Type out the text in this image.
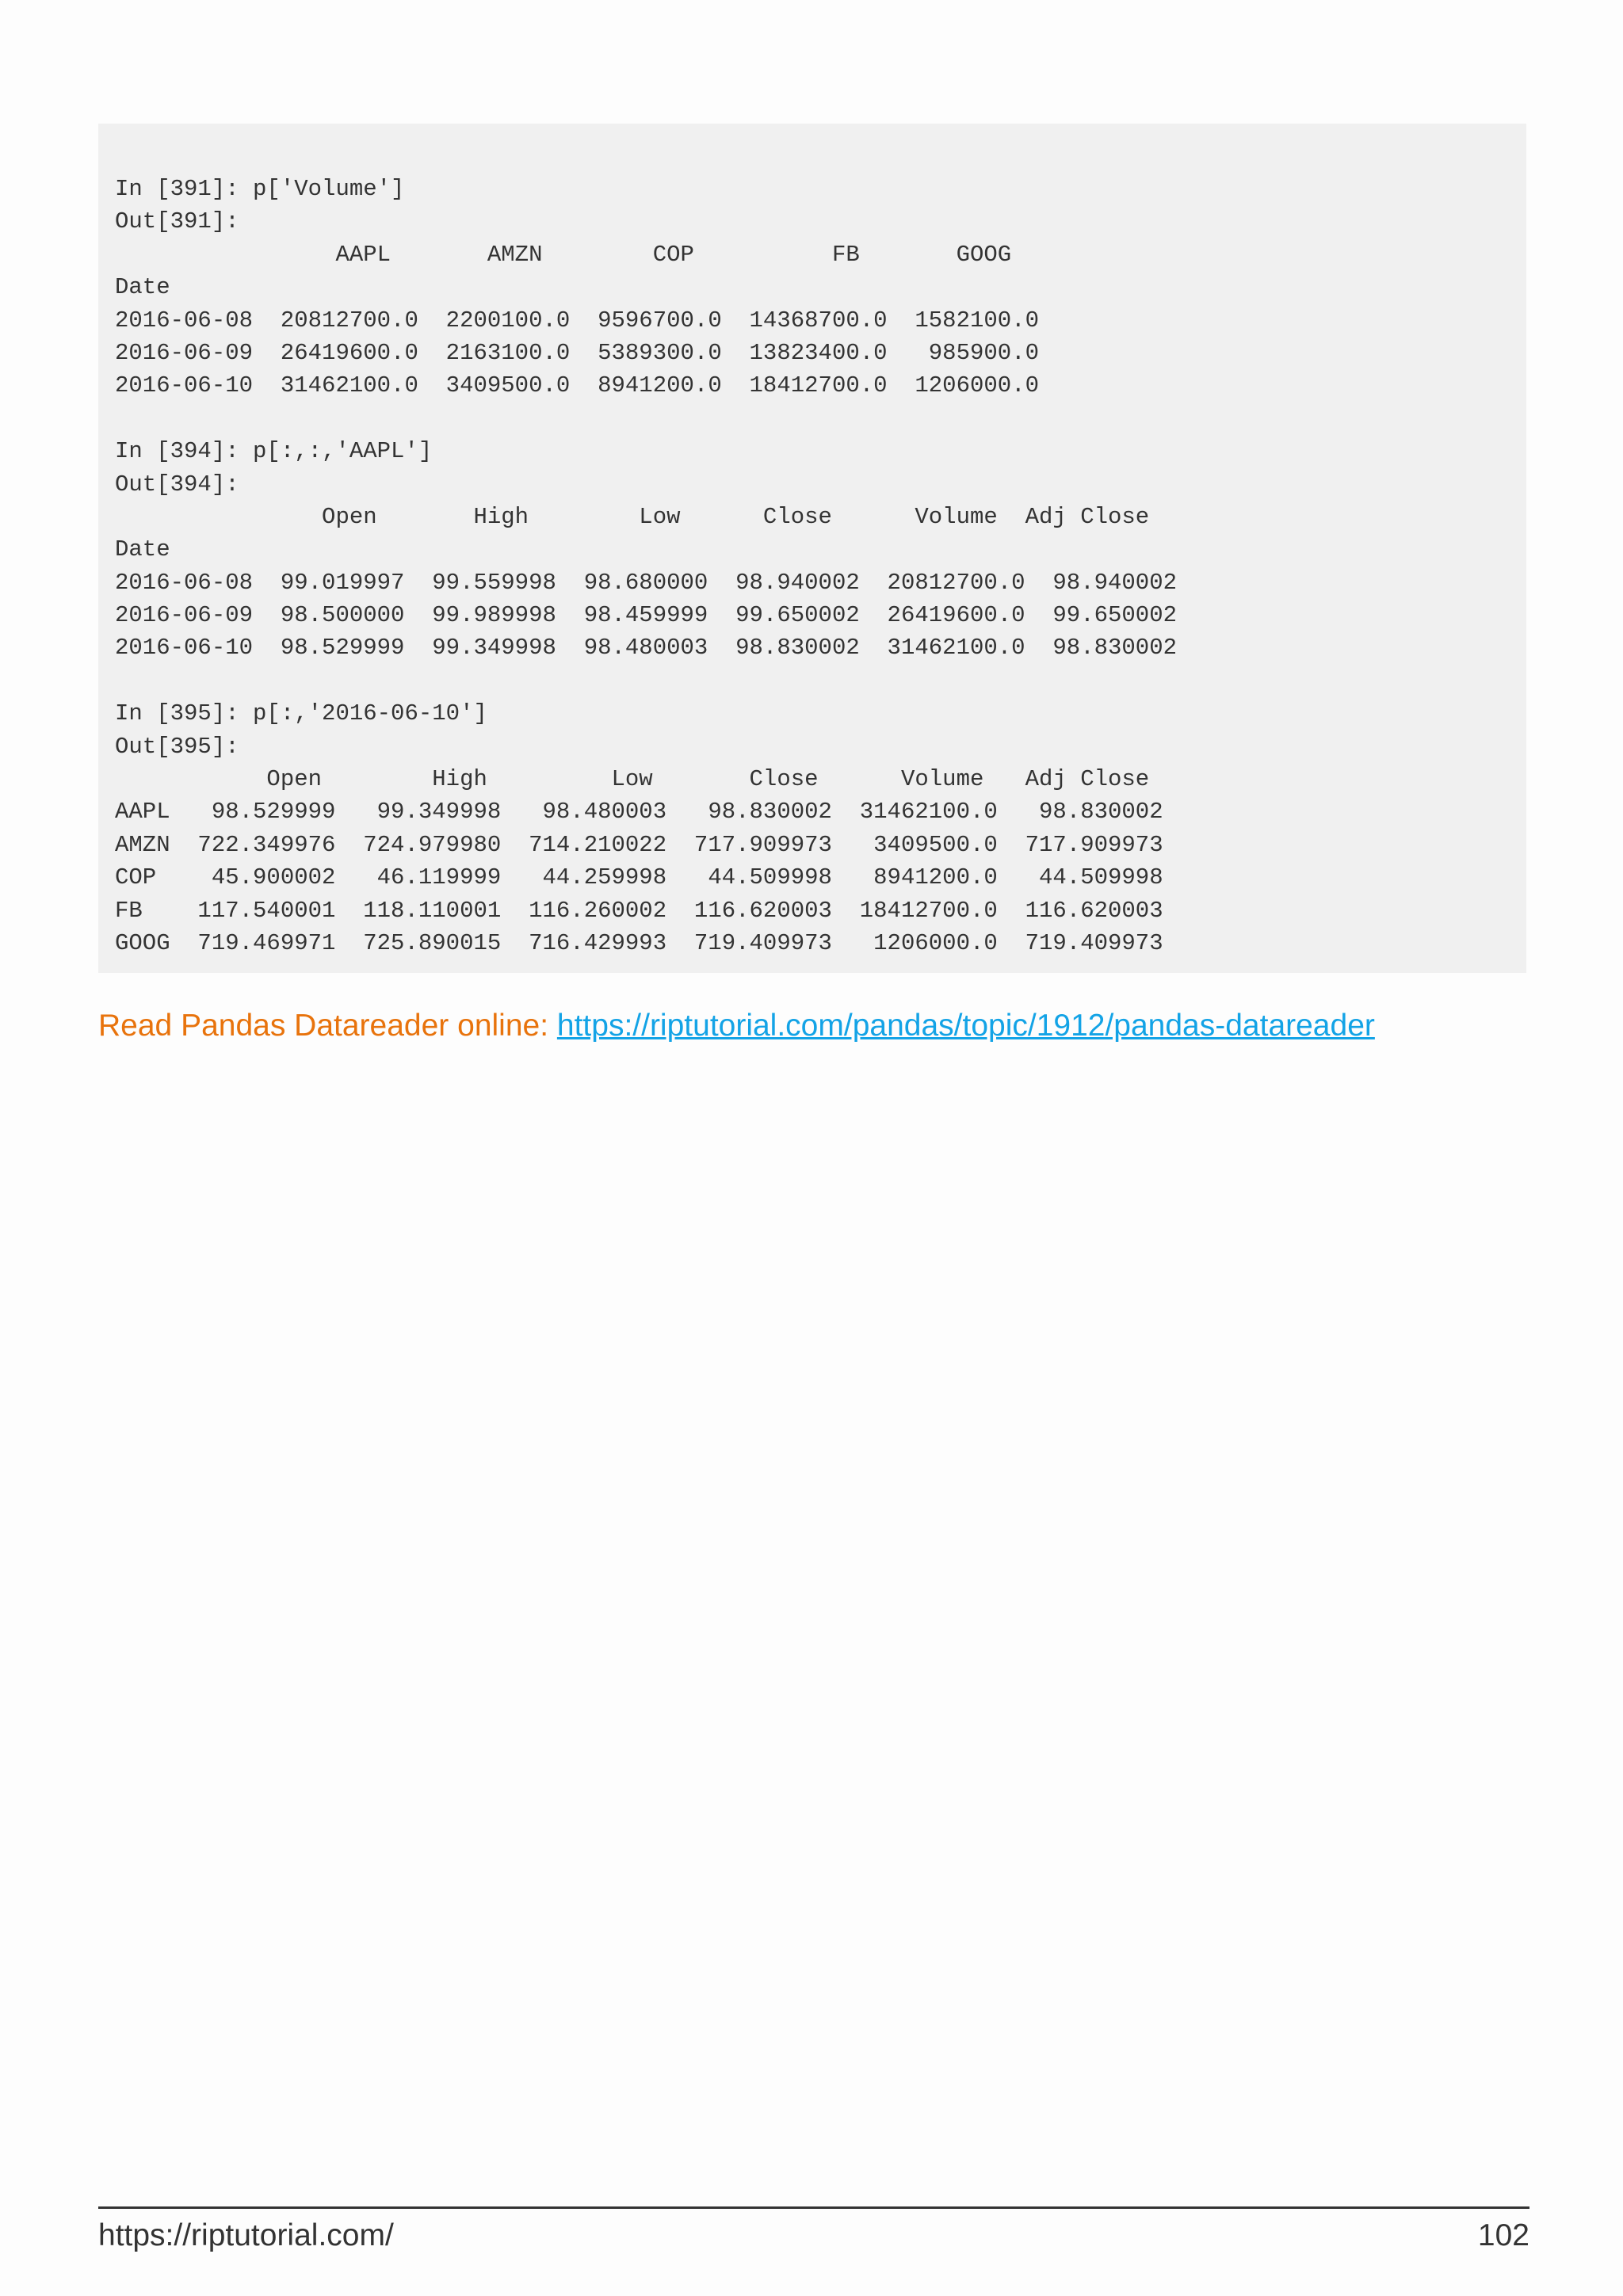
In [391]: p['Volume']
Out[391]:
AAPL       AMZN        COP          FB       GOOG
Date
2016-06-08  20812700.0  2200100.0  9596700.0  14368700.0  1582100.0
2016-06-09  26419600.0  2163100.0  5389300.0  13823400.0   985900.0
2016-06-10  31462100.0  3409500.0  8941200.0  18412700.0  1206000.0
In [394]: p[:,:,'AAPL']
Out[394]:
Open       High        Low      Close      Volume  Adj Close
Date
2016-06-08  99.019997  99.559998  98.680000  98.940002  20812700.0  98.940002
2016-06-09  98.500000  99.989998  98.459999  99.650002  26419600.0  99.650002
2016-06-10  98.529999  99.349998  98.480003  98.830002  31462100.0  98.830002
In [395]: p[:,'2016-06-10']
Out[395]:
Open        High         Low       Close      Volume   Adj Close
AAPL   98.529999   99.349998   98.480003   98.830002  31462100.0   98.830002
AMZN  722.349976  724.979980  714.210022  717.909973   3409500.0  717.909973
COP    45.900002   46.119999   44.259998   44.509998   8941200.0   44.509998
FB    117.540001  118.110001  116.260002  116.620003  18412700.0  116.620003
GOOG  719.469971  725.890015  716.429993  719.409973   1206000.0  719.409973
Read Pandas Datareader online: https://riptutorial.com/pandas/topic/1912/pandas-datareader
https://riptutorial.com/	102
